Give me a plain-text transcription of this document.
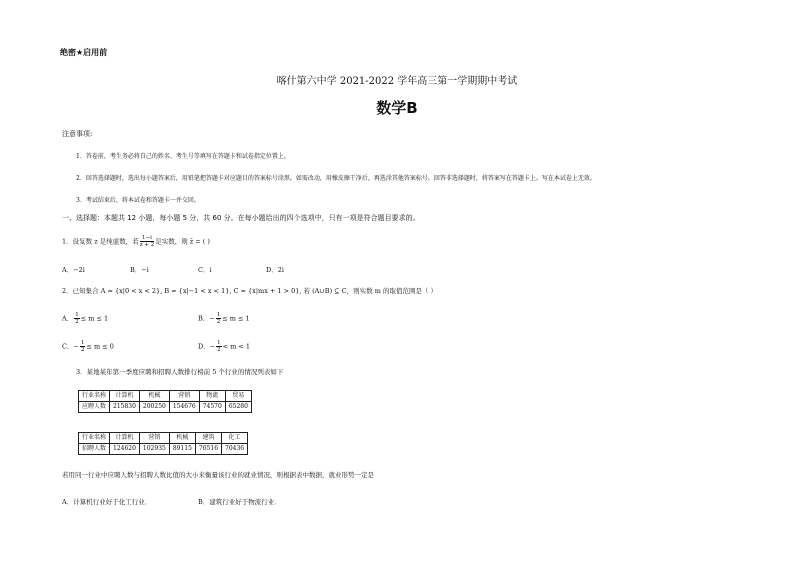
绝密★启用前
喀什第六中学 2021-2022 学年高三第一学期期中考试
数学B
注意事项:
1．答卷前，考生务必将自己的姓名、考生号等填写在答题卡和试卷指定位置上。
2．回答选择题时，选出每小题答案后，用铅笔把答题卡对应题目的答案标号涂黑。如需改动，用橡皮擦干净后，再选涂其他答案标号。回答非选择题时，将答案写在答题卡上。写在本试卷上无效。
3．考试结束后，将本试卷和答题卡一并交回。
一、选择题：本题共 12 小题，每小题 5 分，共 60 分。在每小题给出的四个选项中，只有一项是符合题目要求的。
1．设复数 z 是纯虚数，若 $\frac{1-i}{z + 2}$ 是实数，则 z̄ = ( )
A．−2i	B．−i	C．i	D．2i
2．已知集合 A = {x|0 < x < 2}, B = {x|−1 < x < 1}, C = {x|mx + 1 > 0}, 若 (A∪B) ⊆ C，则实数 m 的取值范围是（ ）
A． $\frac{1}{2} \le m \le 1$	B．− $\frac{1}{2} \le m \le 1$
C．− $\frac{1}{2} \le m \le 0$	D．− $\frac{1}{2} < m < 1$
3．某地某年第一季度应聘和招聘人数排行榜前 5 个行业的情况列表如下
行业名称	计算机	机械	营销	物流	贸易
应聘人数	215830	200250	154676	74570	65280
行业名称	计算机	营销	机械	建筑	化工
招聘人数	124620	102935	89115	76516	70436
若用同一行业中应聘人数与招聘人数比值的大小来衡量该行业的就业情况，则根据表中数据，就业形势一定是
A．计算机行业好于化工行业．	B．建筑行业好于物流行业．
